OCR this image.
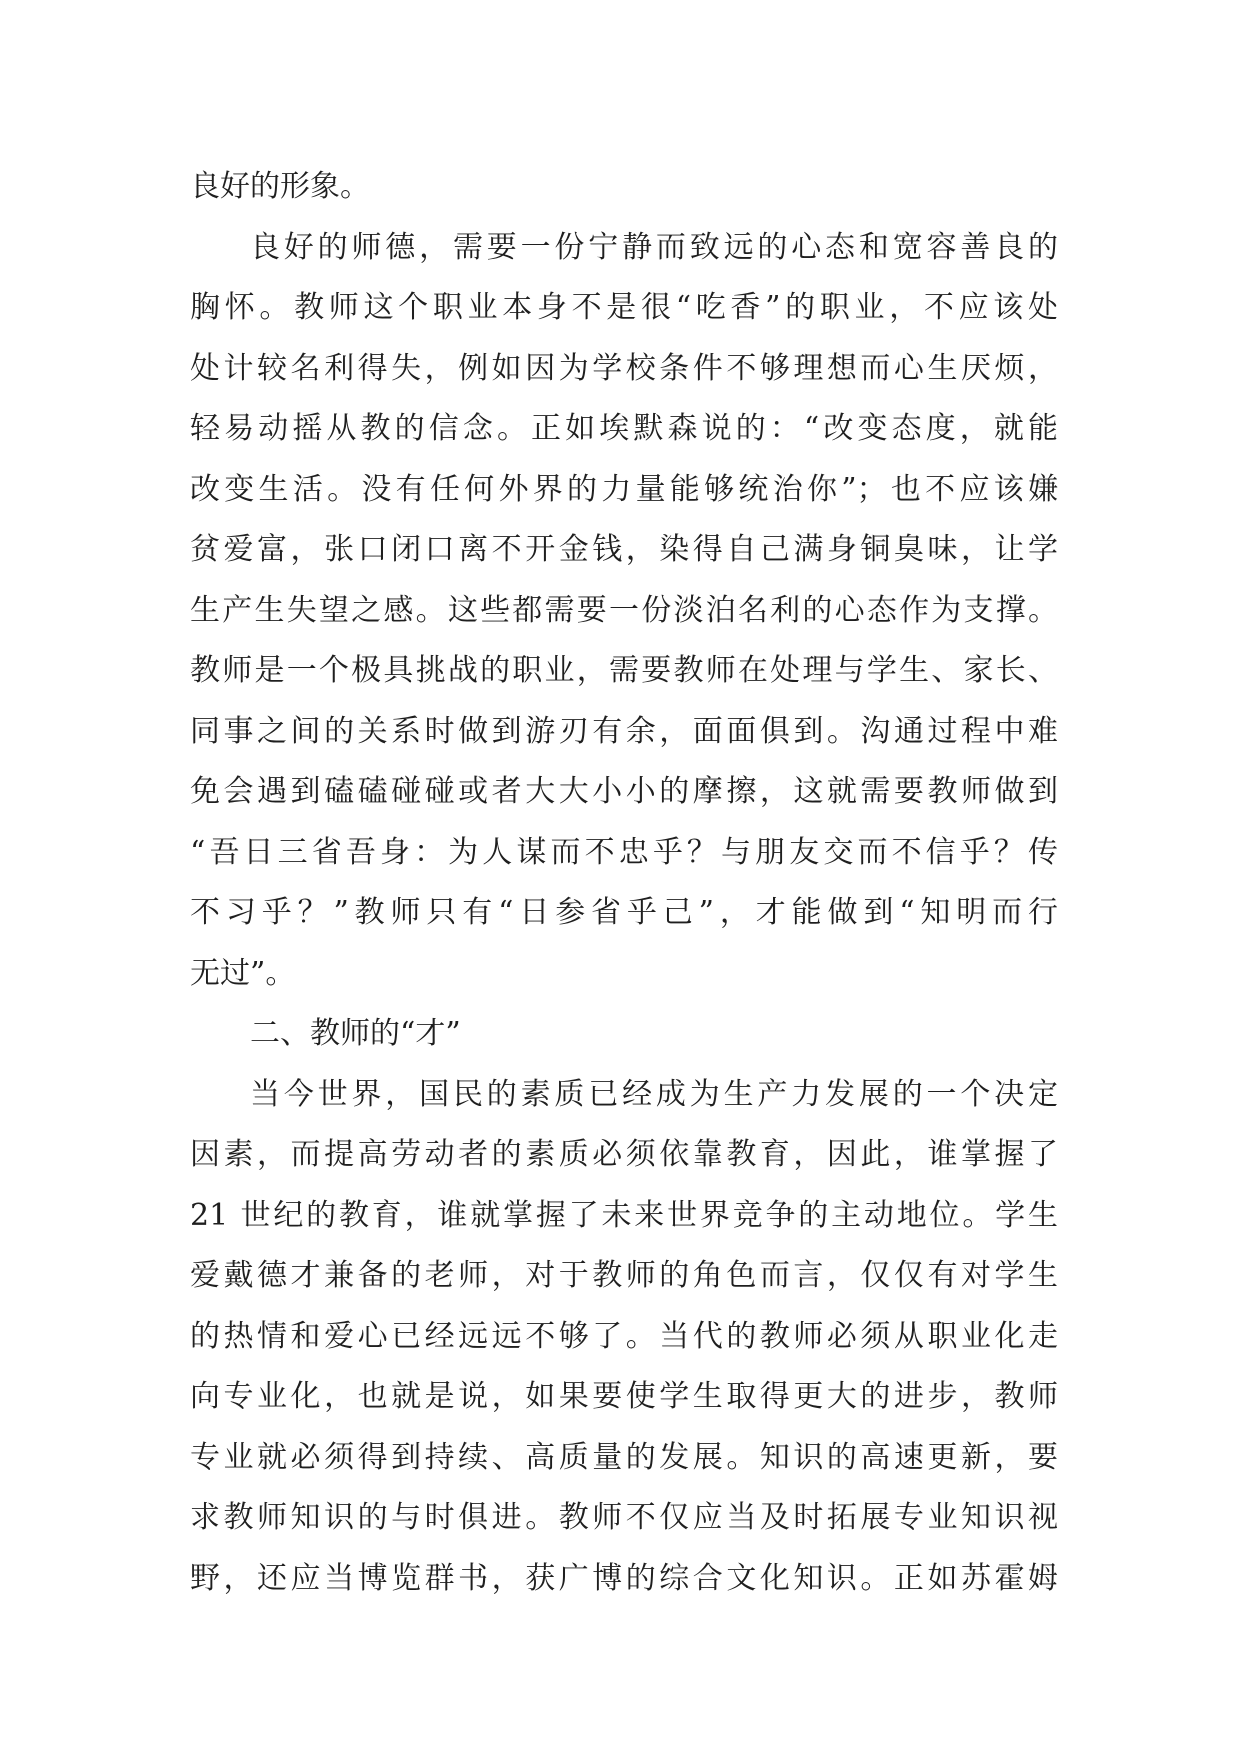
良好的形象。
良好的师德，需要一份宁静而致远的心态和宽容善良的
胸怀。教师这个职业本身不是很“吃香”的职业，不应该处
处计较名利得失，例如因为学校条件不够理想而心生厌烦，
轻易动摇从教的信念。正如埃默森说的：“改变态度，就能
改变生活。没有任何外界的力量能够统治你”；也不应该嫌
贫爱富，张口闭口离不开金钱，染得自己满身铜臭味，让学
生产生失望之感。这些都需要一份淡泊名利的心态作为支撑。
教师是一个极具挑战的职业，需要教师在处理与学生、家长、
同事之间的关系时做到游刃有余，面面俱到。沟通过程中难
免会遇到磕磕碰碰或者大大小小的摩擦，这就需要教师做到
“吾日三省吾身：为人谋而不忠乎？与朋友交而不信乎？传
不习乎？”教师只有“日参省乎己”，才能做到“知明而行
无过”。
二、教师的“才”
当今世界，国民的素质已经成为生产力发展的一个决定
因素，而提高劳动者的素质必须依靠教育，因此，谁掌握了
21 世纪的教育，谁就掌握了未来世界竞争的主动地位。学生
爱戴德才兼备的老师，对于教师的角色而言，仅仅有对学生
的热情和爱心已经远远不够了。当代的教师必须从职业化走
向专业化，也就是说，如果要使学生取得更大的进步，教师
专业就必须得到持续、高质量的发展。知识的高速更新，要
求教师知识的与时俱进。教师不仅应当及时拓展专业知识视
野，还应当博览群书，获广博的综合文化知识。正如苏霍姆
